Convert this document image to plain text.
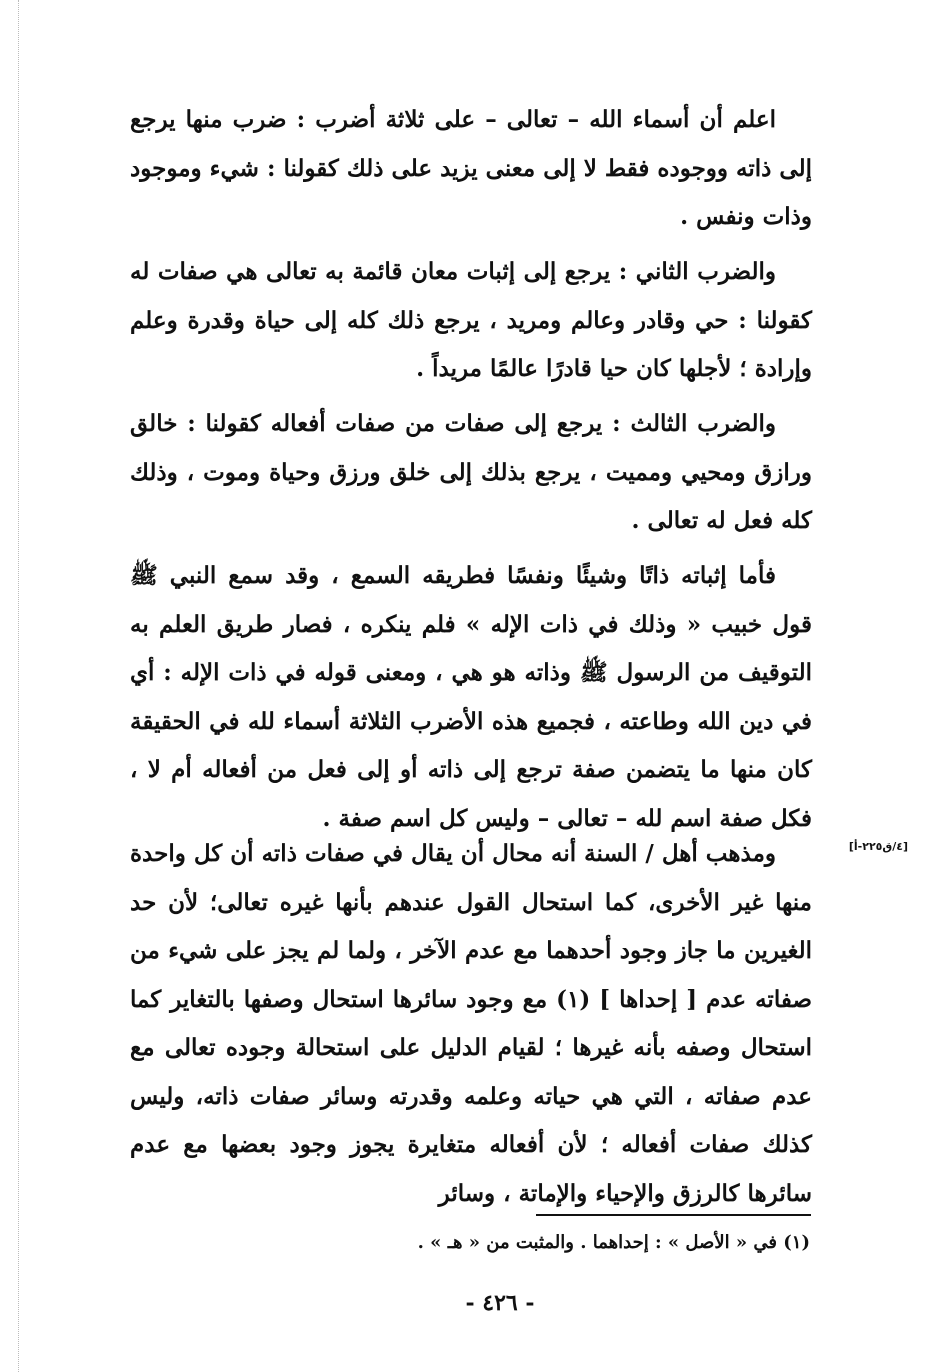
اعلم أن أسماء الله – تعالى – على ثلاثة أضرب : ضرب منها يرجع إلى ذاته ووجوده فقط لا إلى معنى يزيد على ذلك كقولنا : شيء وموجود وذات ونفس .

والضرب الثاني : يرجع إلى إثبات معان قائمة به تعالى هي صفات له كقولنا : حي وقادر وعالم ومريد ، يرجع ذلك كله إلى حياة وقدرة وعلم وإرادة ؛ لأجلها كان حيا قادرًا عالمًا مريداً .

والضرب الثالث : يرجع إلى صفات من صفات أفعاله كقولنا : خالق ورازق ومحيي ومميت ، يرجع بذلك إلى خلق ورزق وحياة وموت ، وذلك كله فعل له تعالى .

فأما إثباته ذاتًا وشيئًا ونفسًا فطريقه السمع ، وقد سمع النبي ﷺ قول خبيب « وذلك في ذات الإله » فلم ينكره ، فصار طريق العلم به التوقيف من الرسول ﷺ وذاته هو هي ، ومعنى قوله في ذات الإله : أي في دين الله وطاعته ، فجميع هذه الأضرب الثلاثة أسماء لله في الحقيقة كان منها ما يتضمن صفة ترجع إلى ذاته أو إلى فعل من أفعاله أم لا ، فكل صفة اسم لله – تعالى – وليس كل اسم صفة .

[٤/ق٢٢٥-أ]

ومذهب أهل / السنة أنه محال أن يقال في صفات ذاته أن كل واحدة منها غير الأخرى، كما استحال القول عندهم بأنها غيره تعالى؛ لأن حد الغيرين ما جاز وجود أحدهما مع عدم الآخر ، ولما لم يجز على شيء من صفاته عدم [ إحداها ] (١) مع وجود سائرها استحال وصفها بالتغاير كما استحال وصفه بأنه غيرها ؛ لقيام الدليل على استحالة وجوده تعالى مع عدم صفاته ، التي هي حياته وعلمه وقدرته وسائر صفات ذاته، وليس كذلك صفات أفعاله ؛ لأن أفعاله متغايرة يجوز وجود بعضها مع عدم سائرها كالرزق والإحياء والإماتة ، وسائر

(١) في « الأصل » : إحداهما . والمثبت من « هـ » .
- ٤٢٦ -
